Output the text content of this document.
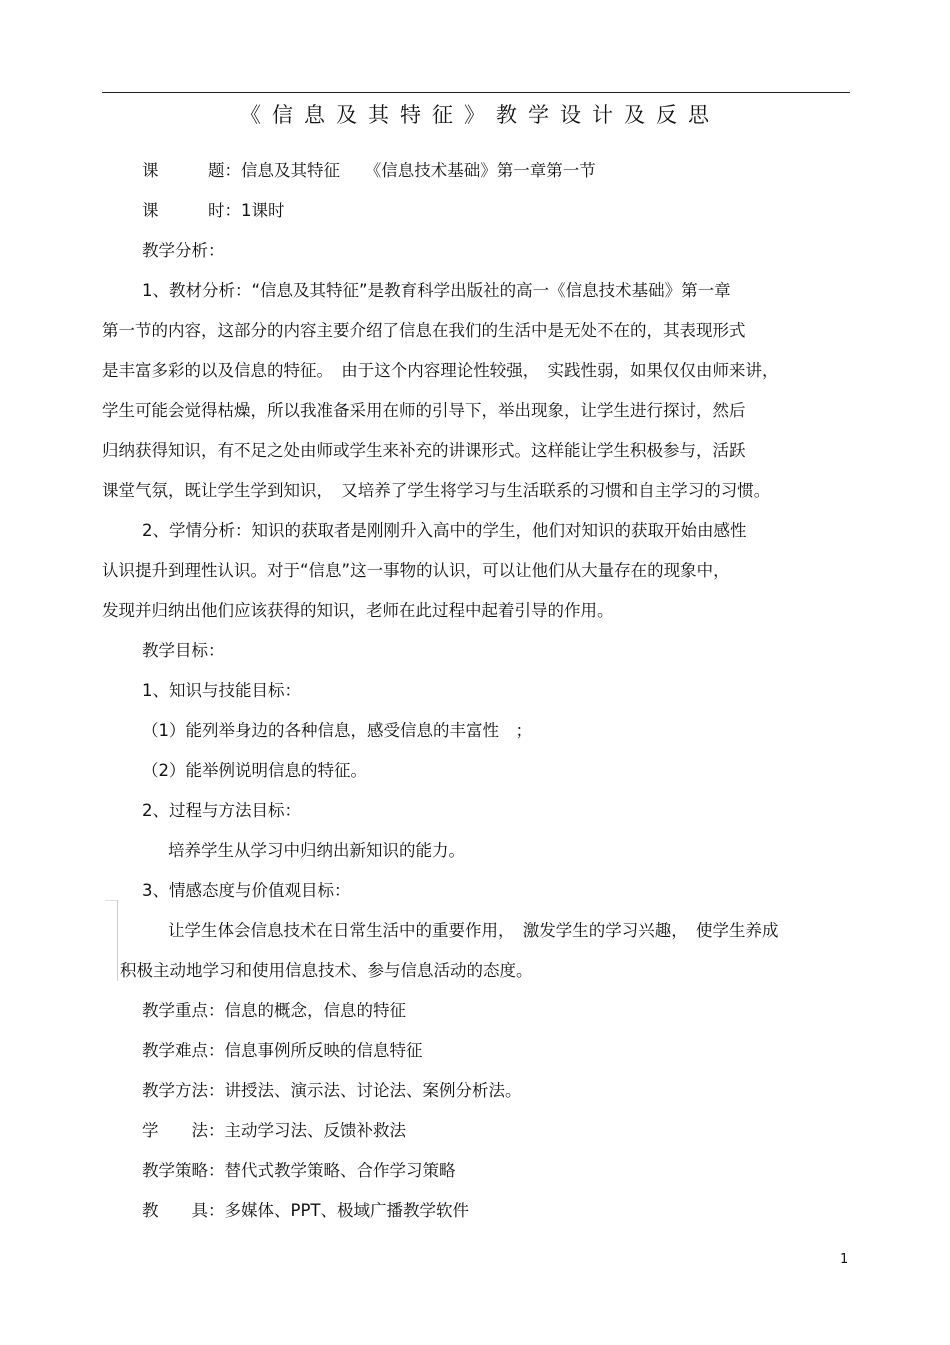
《信息及其特征》教学设计及反思
课　　　题：信息及其特征　　《信息技术基础》第一章第一节
课　　　时：1课时
教学分析：
1、教材分析：“信息及其特征”是教育科学出版社的高一《信息技术基础》第一章
第一节的内容，这部分的内容主要介绍了信息在我们的生活中是无处不在的，其表现形式
是丰富多彩的以及信息的特征。　由于这个内容理论性较强，　实践性弱，如果仅仅由师来讲，
学生可能会觉得枯燥，所以我准备采用在师的引导下，举出现象，让学生进行探讨，然后
归纳获得知识，有不足之处由师或学生来补充的讲课形式。这样能让学生积极参与，活跃
课堂气氛，既让学生学到知识，　又培养了学生将学习与生活联系的习惯和自主学习的习惯。
2、学情分析：知识的获取者是刚刚升入高中的学生，他们对知识的获取开始由感性
认识提升到理性认识。对于“信息”这一事物的认识，可以让他们从大量存在的现象中，
发现并归纳出他们应该获得的知识，老师在此过程中起着引导的作用。
教学目标：
1、知识与技能目标：
（1）能列举身边的各种信息，感受信息的丰富性　；
（2）能举例说明信息的特征。
2、过程与方法目标：
培养学生从学习中归纳出新知识的能力。
3、情感态度与价值观目标：
让学生体会信息技术在日常生活中的重要作用，　激发学生的学习兴趣，　使学生养成
积极主动地学习和使用信息技术、参与信息活动的态度。
教学重点：信息的概念，信息的特征
教学难点：信息事例所反映的信息特征
教学方法：讲授法、演示法、讨论法、案例分析法。
学　　法：主动学习法、反馈补救法
教学策略：替代式教学策略、合作学习策略
教　　具：多媒体、PPT、极域广播教学软件
1
